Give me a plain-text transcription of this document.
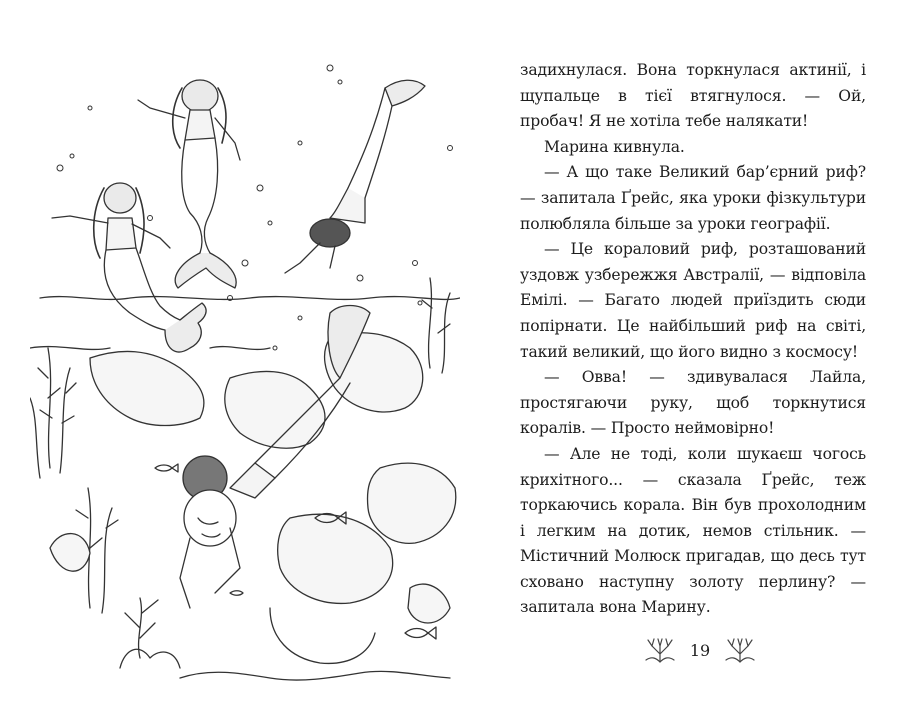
задихнулася. Вона торкнулася актинії, і щупальце в тієї втягнулося. — Ой, пробач! Я не хотіла тебе налякати!

Марина кивнула.

— А що таке Великий бар’єрний риф? — запитала Ґрейс, яка уроки фізкультури полюбляла більше за уроки географії.

— Це кораловий риф, розташований уздовж узбережжя Австралії, — відповіла Емілі. — Багато людей приїздить сюди попірнати. Це найбільший риф на світі, такий великий, що його видно з космосу!

— Овва! — здивувалася Лайла, простягаючи руку, щоб торкнутися коралів. — Просто неймовірно!

— Але не тоді, коли шукаєш чогось крихітного... — сказала Ґрейс, теж торкаючись корала. Він був прохолодним і легким на дотик, немов стільник. — Містичний Молюск пригадав, що десь тут сховано наступну золоту перлину? — запитала вона Марину.

19
